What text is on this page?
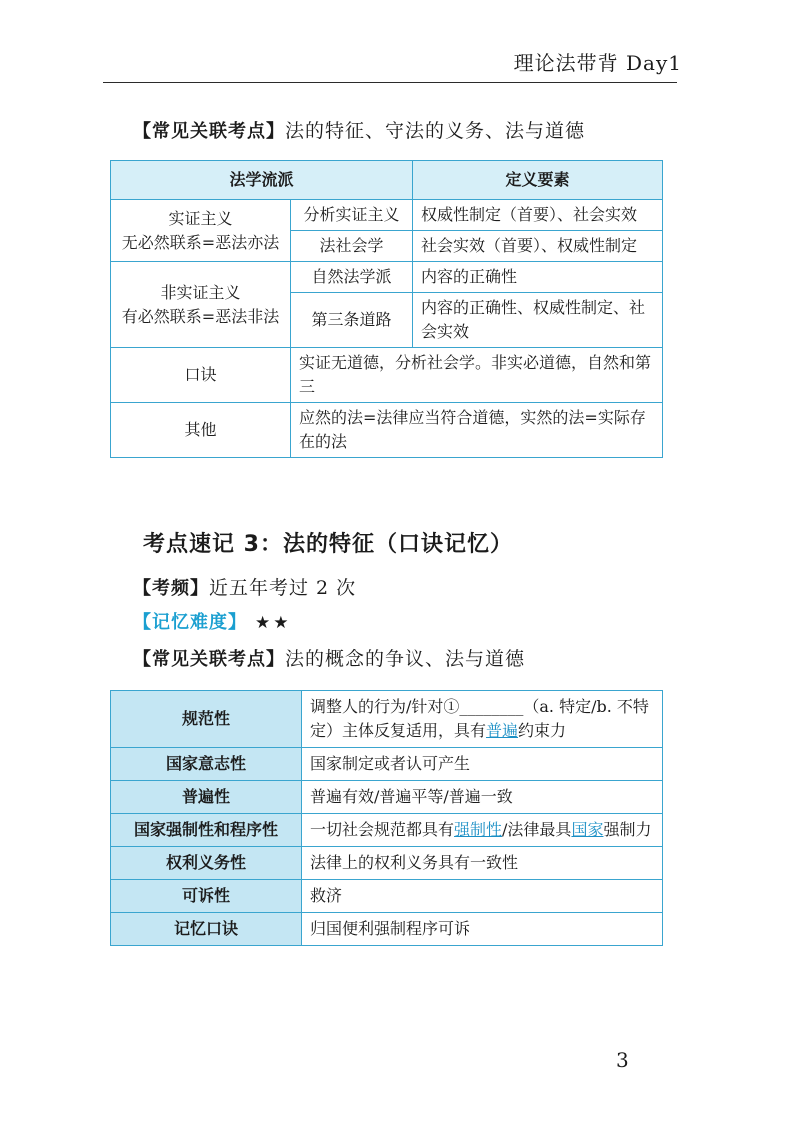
理论法带背 Day1
【常见关联考点】法的特征、守法的义务、法与道德
法学流派		定义要素

实证主义
无必然联系=恶法亦法	分析实证主义	权威性制定（首要）、社会实效
	法社会学	社会实效（首要）、权威性制定

非实证主义
有必然联系=恶法非法	自然法学派	内容的正确性
	第三条道路	内容的正确性、权威性制定、社会实效
口诀	实证无道德，分析社会学。非实必道德，自然和第三	
其他	应然的法=法律应当符合道德，实然的法=实际存在的法	
考点速记 3：法的特征（口诀记忆）
【考频】近五年考过 2 次
【记忆难度】 ★★
【常见关联考点】法的概念的争议、法与道德
规范性	调整人的行为/针对①________（a. 特定/b. 不特定）主体反复适用，具有普遍约束力
国家意志性	国家制定或者认可产生
普遍性	普遍有效/普遍平等/普遍一致
国家强制性和程序性	一切社会规范都具有强制性/法律最具国家强制力
权利义务性	法律上的权利义务具有一致性
可诉性	救济
记忆口诀	归国便利强制程序可诉
3
